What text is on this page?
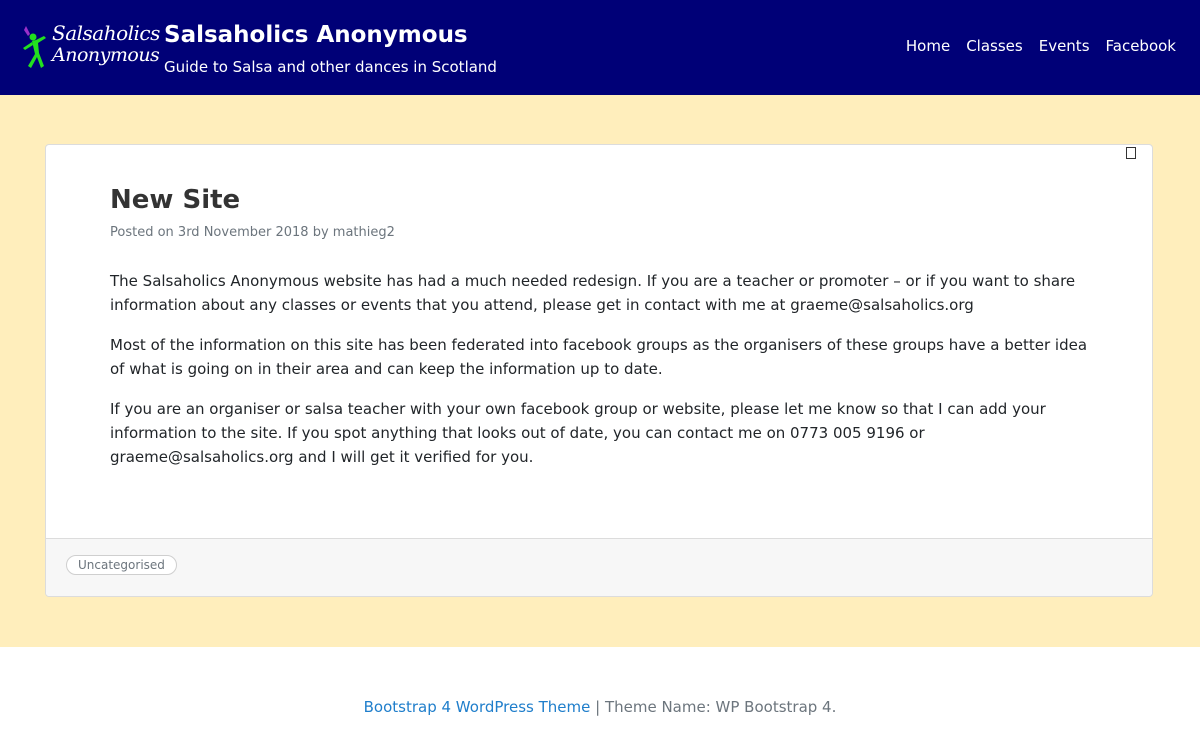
Salsaholics
Anonymous
Salsaholics Anonymous
Guide to Salsa and other dances in Scotland
Home Classes Events Facebook
New Site
Posted on 3rd November 2018 by mathieg2

The Salsaholics Anonymous website has had a much needed redesign. If you are a teacher or promoter – or if you want to share information about any classes or events that you attend, please get in contact with me at graeme@salsaholics.org

Most of the information on this site has been federated into facebook groups as the organisers of these groups have a better idea of what is going on in their area and can keep the information up to date.

If you are an organiser or salsa teacher with your own facebook group or website, please let me know so that I can add your information to the site. If you spot anything that looks out of date, you can contact me on 0773 005 9196 or graeme@salsaholics.org and I will get it verified for you.

Uncategorised
Bootstrap 4 WordPress Theme | Theme Name: WP Bootstrap 4.
